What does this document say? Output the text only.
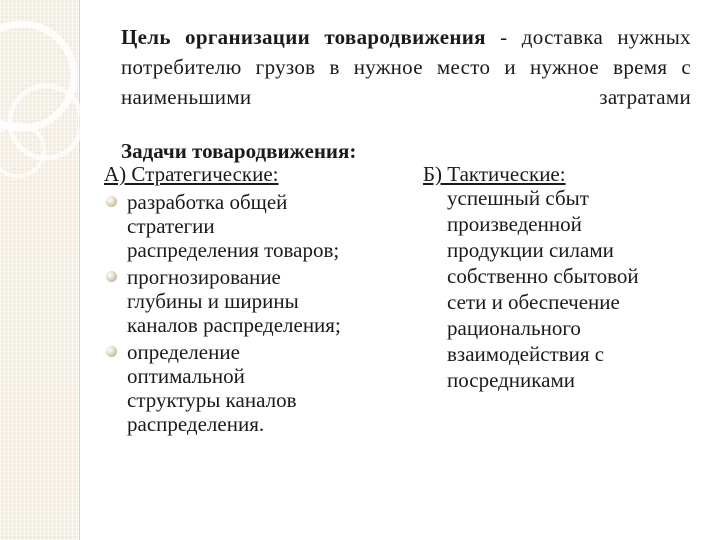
Цель организации товародвижения - доставка нужных потребителю грузов в нужное место и нужное время с наименьшими затратами
Задачи товародвижения:
А) Стратегические:
разработка общей
стратегии
распределения товаров;
прогнозирование
глубины и ширины
каналов распределения;
определение
оптимальной
структуры каналов
распределения.
Б) Тактические:
успешный сбыт
произведенной
продукции силами
собственно сбытовой
сети и обеспечение
рационального
взаимодействия с
посредниками
